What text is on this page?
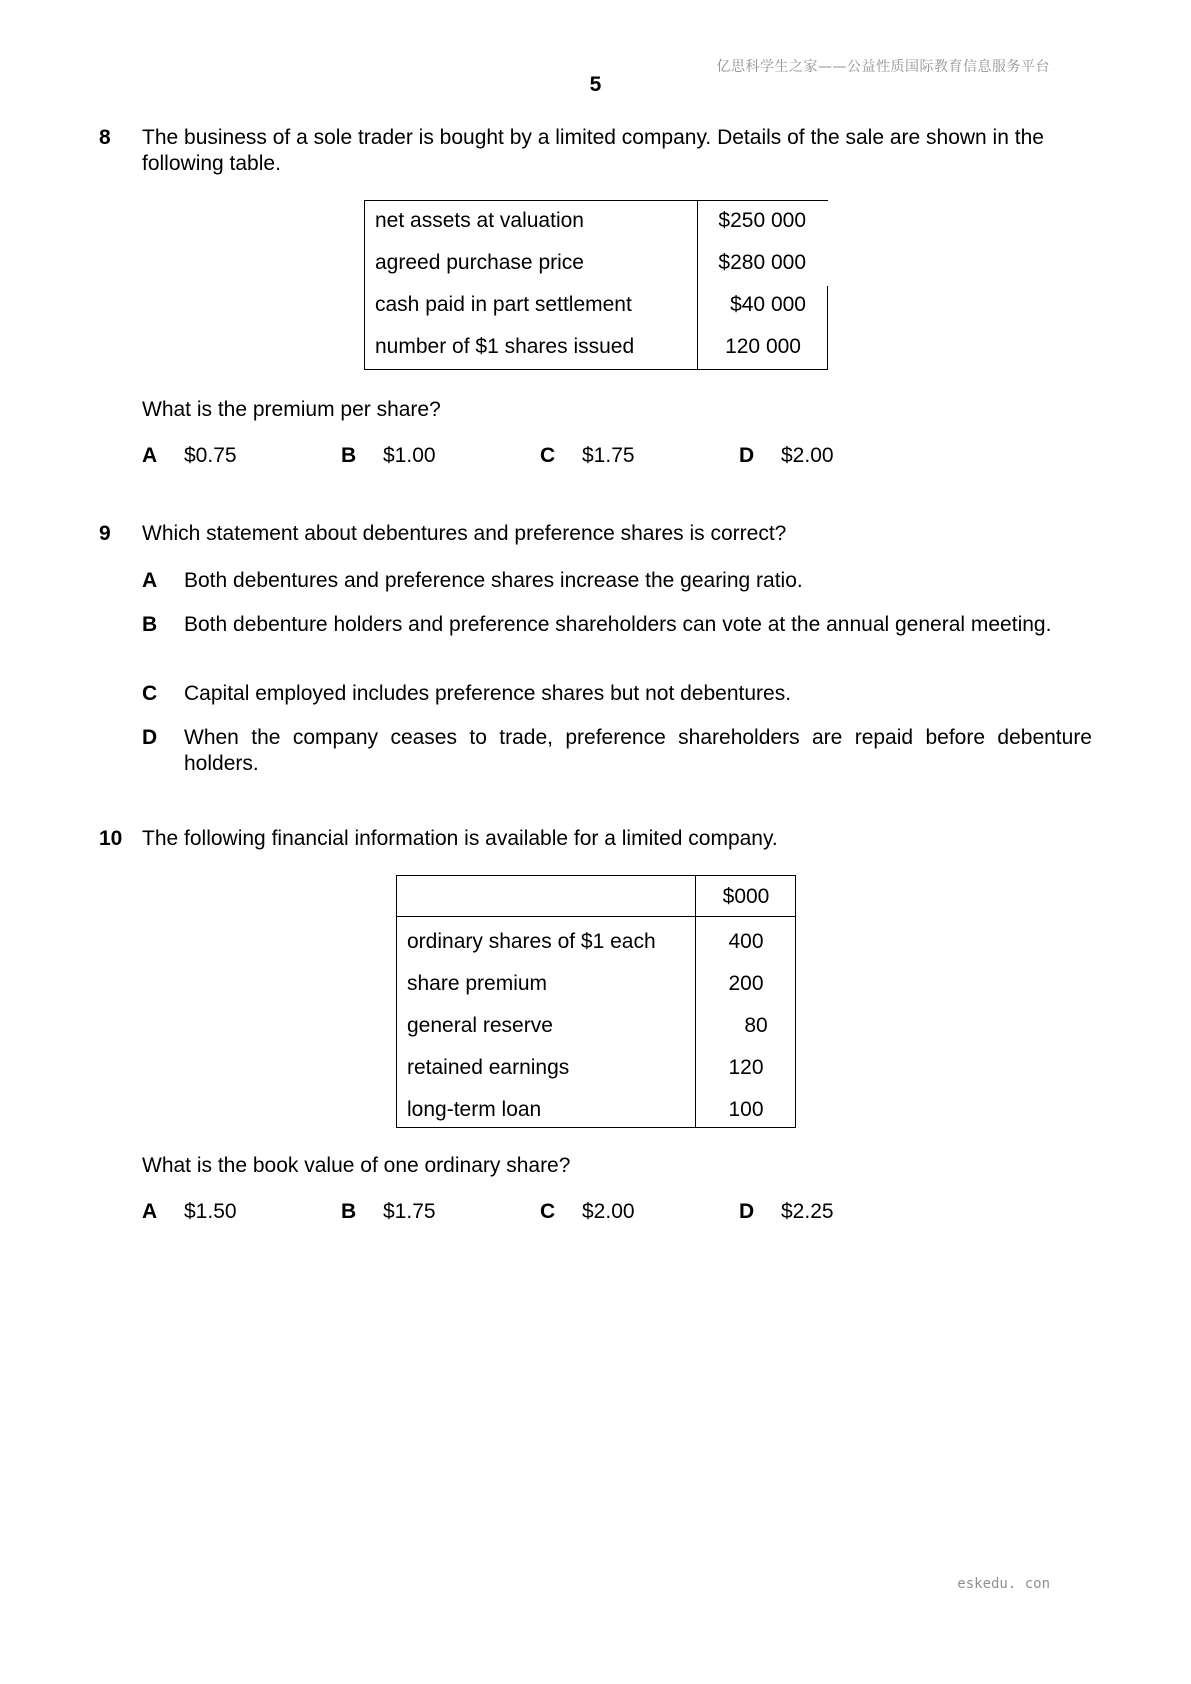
亿思科学生之家——公益性质国际教育信息服务平台
5
8 The business of a sole trader is bought by a limited company. Details of the sale are shown in the following table.
net assets at valuation	$250 000
agreed purchase price	$280 000
cash paid in part settlement	$40 000
number of $1 shares issued	120 000
What is the premium per share?
A $0.75	B $1.00	C $1.75	D $2.00
9 Which statement about debentures and preference shares is correct?
A Both debentures and preference shares increase the gearing ratio.
B Both debenture holders and preference shareholders can vote at the annual general meeting.
C Capital employed includes preference shares but not debentures.
D When the company ceases to trade, preference shareholders are repaid before debenture holders.
10 The following financial information is available for a limited company.
$000
ordinary shares of $1 each	400
share premium	200
general reserve	80
retained earnings	120
long-term loan	100
What is the book value of one ordinary share?
A $1.50	B $1.75	C $2.00	D $2.25
eskedu. con
